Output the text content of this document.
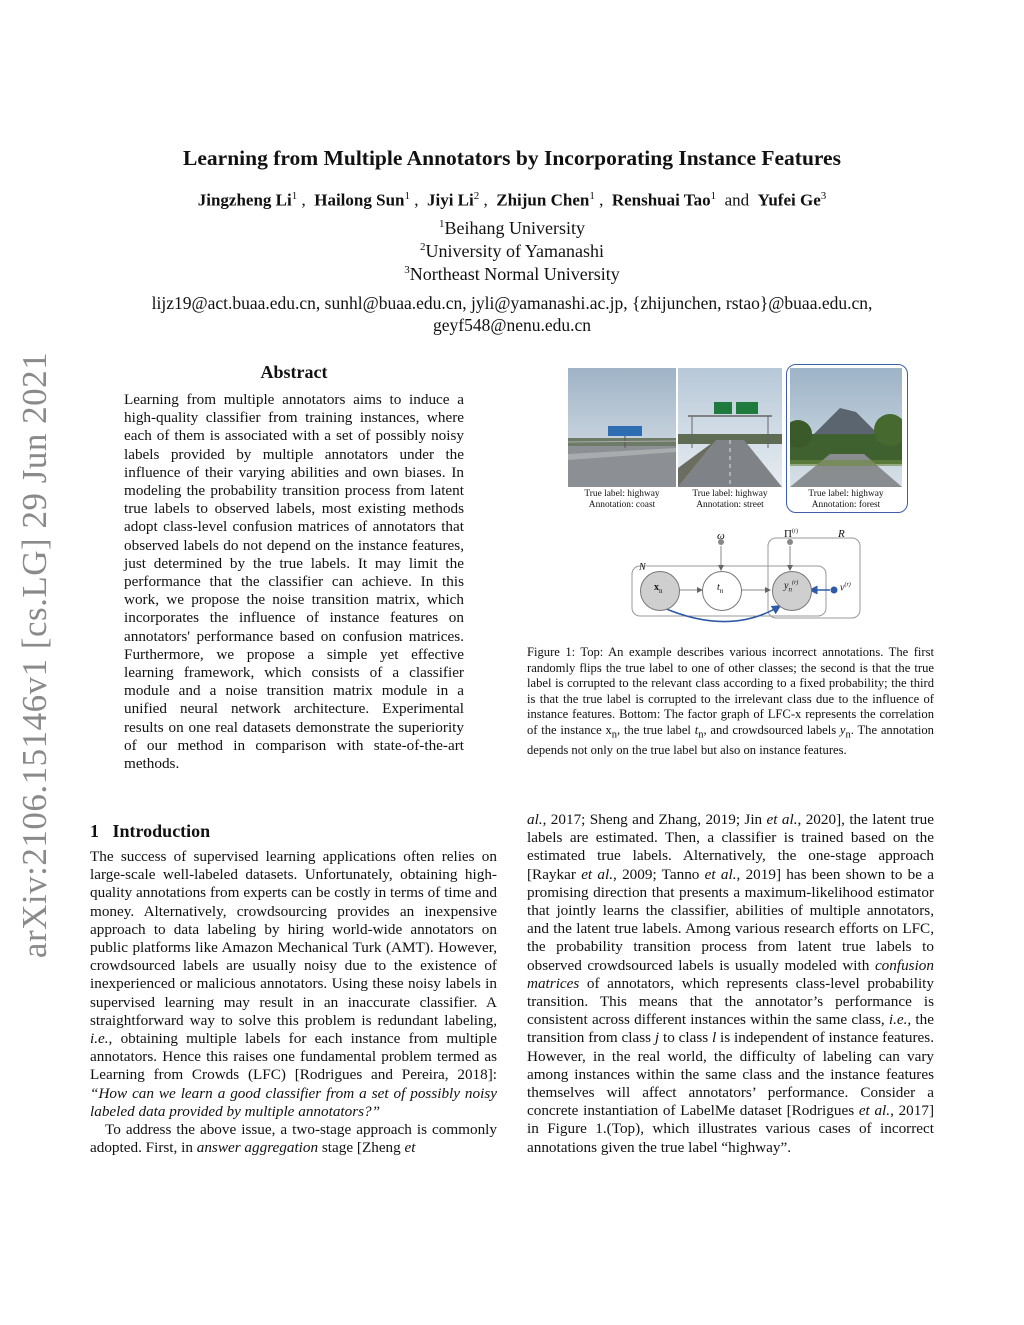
arXiv:2106.15146v1 [cs.LG] 29 Jun 2021
Learning from Multiple Annotators by Incorporating Instance Features
Jingzheng Li$^1$ ,  Hailong Sun$^1$ ,  Jiyi Li$^2$ ,  Zhijun Chen$^1$ ,  Renshuai Tao$^1$ and Yufei Ge$^3$
$^1$Beihang University
$^2$University of Yamanashi
$^3$Northeast Normal University
lijz19@act.buaa.edu.cn, sunhl@buaa.edu.cn, jyli@yamanashi.ac.jp, {zhijunchen, rstao}@buaa.edu.cn,
geyf548@nenu.edu.cn
Abstract
Learning from multiple annotators aims to induce a high-quality classifier from training instances, where each of them is associated with a set of possibly noisy labels provided by multiple annotators under the influence of their varying abilities and own biases. In modeling the probability transition process from latent true labels to observed labels, most existing methods adopt class-level confusion matrices of annotators that observed labels do not depend on the instance features, just determined by the true labels. It may limit the performance that the classifier can achieve. In this work, we propose the noise transition matrix, which incorporates the influence of instance features on annotators' performance based on confusion matrices. Furthermore, we propose a simple yet effective learning framework, which consists of a classifier module and a noise transition matrix module in a unified neural network architecture. Experimental results on one real datasets demonstrate the superiority of our method in comparison with state-of-the-art methods.
1 Introduction

The success of supervised learning applications often relies on large-scale well-labeled datasets. Unfortunately, obtaining high-quality annotations from experts can be costly in terms of time and money. Alternatively, crowdsourcing provides an inexpensive approach to data labeling by hiring world-wide annotators on public platforms like Amazon Mechanical Turk (AMT). However, crowdsourced labels are usually noisy due to the existence of inexperienced or malicious annotators. Using these noisy labels in supervised learning may result in an inaccurate classifier. A straightforward way to solve this problem is redundant labeling, i.e., obtaining multiple labels for each instance from multiple annotators. Hence this raises one fundamental problem termed as Learning from Crowds (LFC) [Rodrigues and Pereira, 2018]: “How can we learn a good classifier from a set of possibly noisy labeled data provided by multiple annotators?”

To address the above issue, a two-stage approach is commonly adopted. First, in answer aggregation stage [Zheng et

al., 2017; Sheng and Zhang, 2019; Jin et al., 2020], the latent true labels are estimated. Then, a classifier is trained based on the estimated true labels. Alternatively, the one-stage approach [Raykar et al., 2009; Tanno et al., 2019] has been shown to be a promising direction that presents a maximum-likelihood estimator that jointly learns the classifier, abilities of multiple annotators, and the latent true labels. Among various research efforts on LFC, the probability transition process from latent true labels to observed crowdsourced labels is usually modeled with confusion matrices of annotators, which represents class-level probability transition. This means that the annotator’s performance is consistent across different instances within the same class, i.e., the transition from class j to class l is independent of instance features. However, in the real world, the difficulty of labeling can vary among instances within the same class and the instance features themselves will affect annotators’ performance. Consider a concrete instantiation of LabelMe dataset [Rodrigues et al., 2017] in Figure 1.(Top), which illustrates various cases of incorrect annotations given the true label “highway”.

True label: highway
Annotation: coast
True label: highway
Annotation: street
True label: highway
Annotation: forest
$x_n$	$t_n$	$y_n^{(r)}$
ω	$\Pi^{(r)}$	R
N
$v^{(r)}$
Figure 1: Top: An example describes various incorrect annotations. The first randomly flips the true label to one of other classes; the second is that the true label is corrupted to the relevant class according to a fixed probability; the third is that the true label is corrupted to the irrelevant class due to the influence of instance features. Bottom: The factor graph of LFC-x represents the correlation of the instance $x_n$, the true label $t_n$, and crowdsourced labels $y_n$. The annotation depends not only on the true label but also on instance features.
